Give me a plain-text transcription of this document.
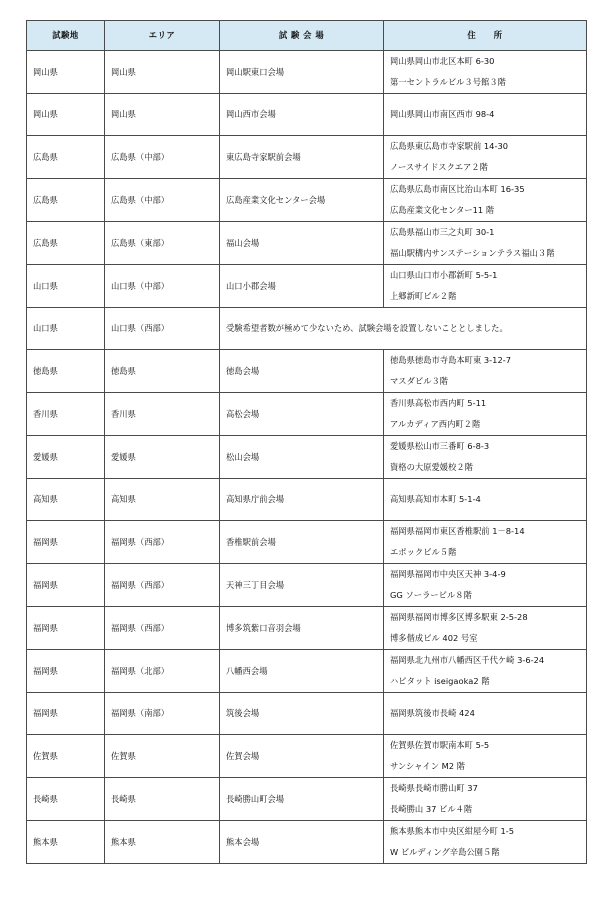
試験地	エリア	試 験 会 場	住　　所
岡山県	岡山県	岡山駅東口会場	岡山県岡山市北区本町 6-30
第一セントラルビル３号館３階

岡山県	岡山県	岡山西市会場	岡山県岡山市南区西市 98-4

広島県	広島県（中部）	東広島寺家駅前会場	広島県東広島市寺家駅前 14-30
ノースサイドスクエア２階

広島県	広島県（中部）	広島産業文化センター会場	広島県広島市南区比治山本町 16-35
広島産業文化センター11 階

広島県	広島県（東部）	福山会場	広島県福山市三之丸町 30-1
福山駅構内サンステーションテラス福山３階

山口県	山口県（中部）	山口小郡会場	山口県山口市小郡新町 5-5-1
上郷新町ビル２階

山口県	山口県（西部）	受験希望者数が極めて少ないため、試験会場を設置しないこととしました。	
徳島県	徳島県	徳島会場	徳島県徳島市寺島本町東 3-12-7
マスダビル３階

香川県	香川県	高松会場	香川県高松市西内町 5-11
アルカディア西内町２階

愛媛県	愛媛県	松山会場	愛媛県松山市三番町 6-8-3
資格の大原愛媛校２階

高知県	高知県	高知県庁前会場	高知県高知市本町 5-1-4

福岡県	福岡県（西部）	香椎駅前会場	福岡県福岡市東区香椎駅前 1－8-14
エポックビル５階

福岡県	福岡県（西部）	天神三丁目会場	福岡県福岡市中央区天神 3-4-9
GG ソーラービル８階

福岡県	福岡県（西部）	博多筑紫口音羽会場	福岡県福岡市博多区博多駅東 2-5-28
博多偕成ビル 402 号室

福岡県	福岡県（北部）	八幡西会場	福岡県北九州市八幡西区千代ケ崎 3-6-24
ハピタット iseigaoka2 階

福岡県	福岡県（南部）	筑後会場	福岡県筑後市長崎 424

佐賀県	佐賀県	佐賀会場	佐賀県佐賀市駅南本町 5-5
サンシャイン M2 階

長崎県	長崎県	長崎勝山町会場	長崎県長崎市勝山町 37
長崎勝山 37 ビル４階

熊本県	熊本県	熊本会場	熊本県熊本市中央区紺屋今町 1-5
W ビルディング辛島公園５階
